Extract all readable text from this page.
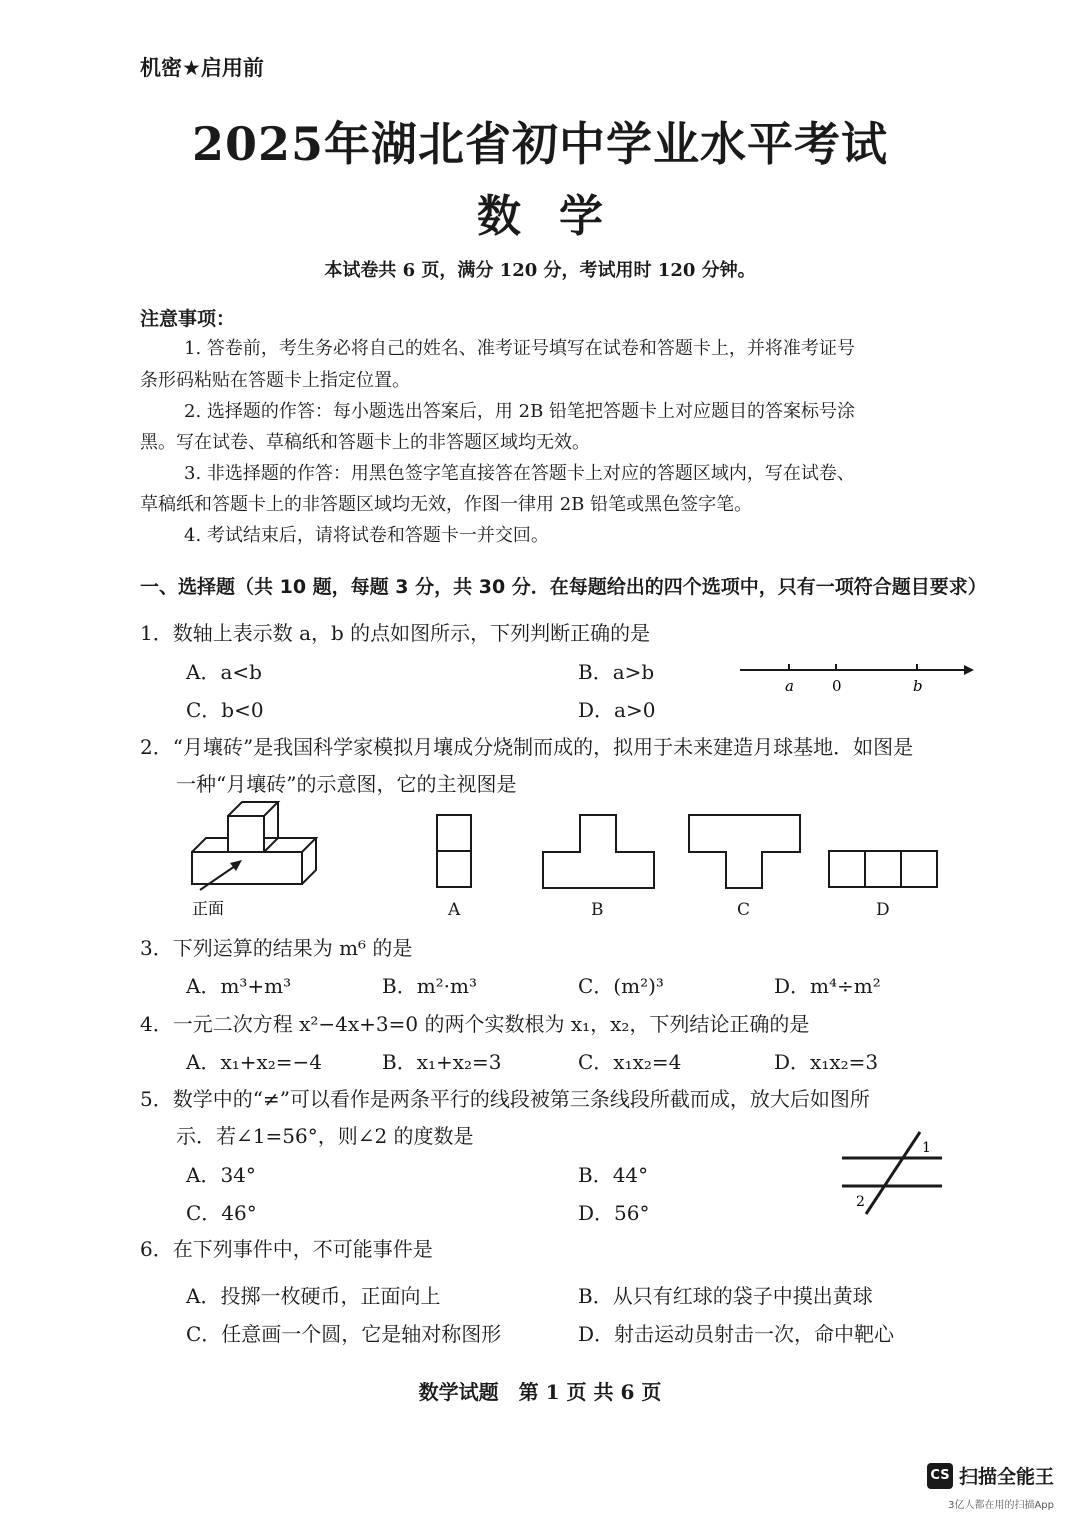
机密★启用前
2025年湖北省初中学业水平考试
数学
本试卷共 6 页，满分 120 分，考试用时 120 分钟。
注意事项：
1. 答卷前，考生务必将自己的姓名、准考证号填写在试卷和答题卡上，并将准考证号
条形码粘贴在答题卡上指定位置。
2. 选择题的作答：每小题选出答案后，用 2B 铅笔把答题卡上对应题目的答案标号涂
黑。写在试卷、草稿纸和答题卡上的非答题区域均无效。
3. 非选择题的作答：用黑色签字笔直接答在答题卡上对应的答题区域内，写在试卷、
草稿纸和答题卡上的非答题区域均无效，作图一律用 2B 铅笔或黑色签字笔。
4. 考试结束后，请将试卷和答题卡一并交回。
一、选择题（共 10 题，每题 3 分，共 30 分．在每题给出的四个选项中，只有一项符合题目要求）
1．数轴上表示数 a，b 的点如图所示，下列判断正确的是
A．a<b	B．a>b
C．b<0	D．a>0
a	0	b
2．“月壤砖”是我国科学家模拟月壤成分烧制而成的，拟用于未来建造月球基地．如图是
一种“月壤砖”的示意图，它的主视图是
正面	A	B	C	D
3．下列运算的结果为 m⁶ 的是
A．m³+m³	B．m²·m³	C．(m²)³	D．m⁴÷m²
4．一元二次方程 x²−4x+3=0 的两个实数根为 x₁，x₂，下列结论正确的是
A．x₁+x₂=−4	B．x₁+x₂=3	C．x₁x₂=4	D．x₁x₂=3
5．数学中的“≠”可以看作是两条平行的线段被第三条线段所截而成，放大后如图所
示．若∠1=56°，则∠2 的度数是
A．34°	B．44°
C．46°	D．56°
1
2
6．在下列事件中，不可能事件是
A．投掷一枚硬币，正面向上	B．从只有红球的袋子中摸出黄球
C．任意画一个圆，它是轴对称图形	D．射击运动员射击一次，命中靶心
数学试题　第 1 页 共 6 页
CS 扫描全能王
3亿人都在用的扫描App
